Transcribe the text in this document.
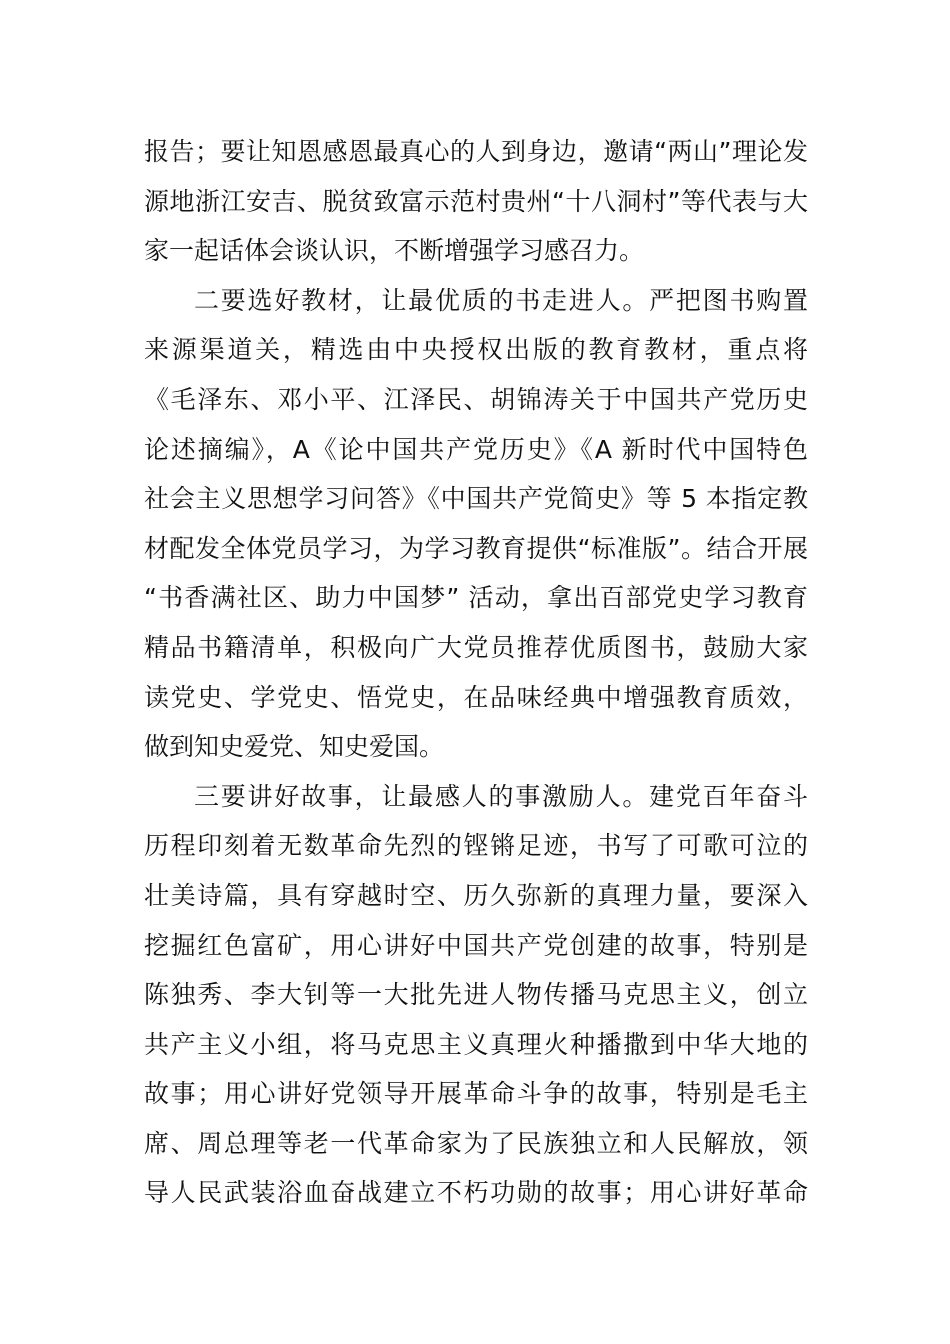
报告；要让知恩感恩最真心的人到身边，邀请“两山”理论发
源地浙江安吉、脱贫致富示范村贵州“十八洞村”等代表与大
家一起话体会谈认识，不断增强学习感召力。
二要选好教材，让最优质的书走进人。严把图书购置
来源渠道关，精选由中央授权出版的教育教材，重点将
《毛泽东、邓小平、江泽民、胡锦涛关于中国共产党历史
论述摘编》，A《论中国共产党历史》《A 新时代中国特色
社会主义思想学习问答》《中国共产党简史》等 5 本指定教
材配发全体党员学习，为学习教育提供“标准版”。结合开展
“书香满社区、助力中国梦” 活动，拿出百部党史学习教育
精品书籍清单，积极向广大党员推荐优质图书，鼓励大家
读党史、学党史、悟党史，在品味经典中增强教育质效，
做到知史爱党、知史爱国。
三要讲好故事，让最感人的事激励人。建党百年奋斗
历程印刻着无数革命先烈的铿锵足迹，书写了可歌可泣的
壮美诗篇，具有穿越时空、历久弥新的真理力量，要深入
挖掘红色富矿，用心讲好中国共产党创建的故事，特别是
陈独秀、李大钊等一大批先进人物传播马克思主义，创立
共产主义小组，将马克思主义真理火种播撒到中华大地的
故事；用心讲好党领导开展革命斗争的故事，特别是毛主
席、周总理等老一代革命家为了民族独立和人民解放，领
导人民武装浴血奋战建立不朽功勋的故事；用心讲好革命
